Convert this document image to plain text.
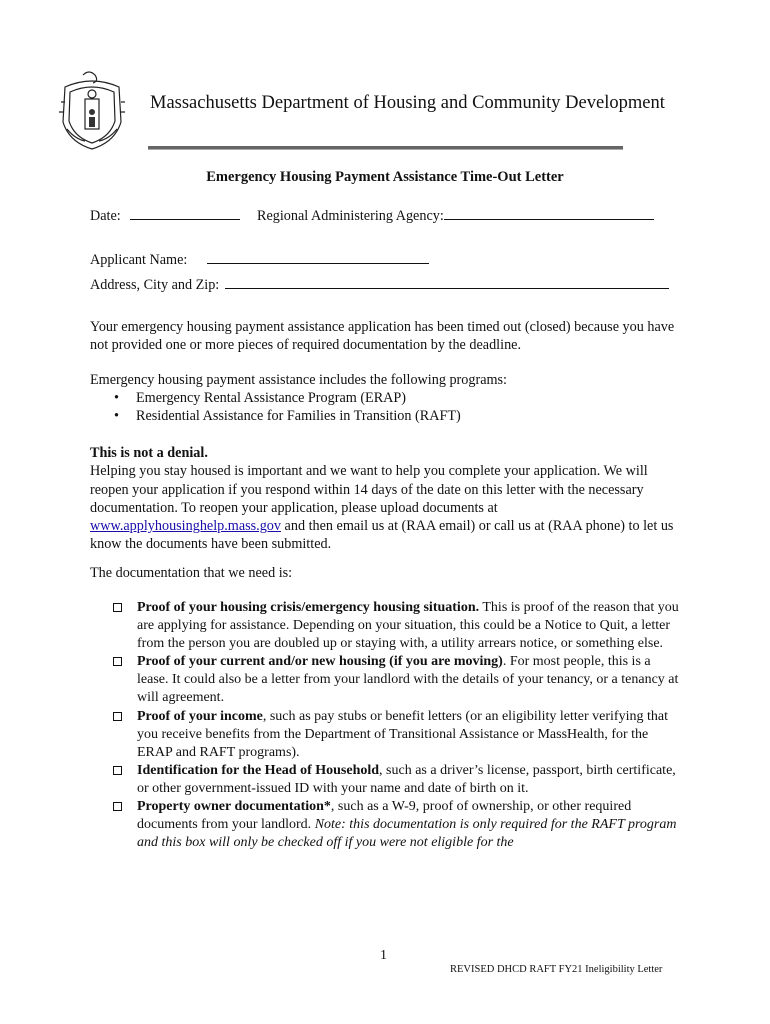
Massachusetts Department of Housing and Community Development
Emergency Housing Payment Assistance Time-Out Letter
Date:	Regional Administering Agency:
Applicant Name:
Address, City and Zip:

Your emergency housing payment assistance application has been timed out (closed) because you have not provided one or more pieces of required documentation by the deadline.

Emergency housing payment assistance includes the following programs:

• Emergency Rental Assistance Program (ERAP)
• Residential Assistance for Families in Transition (RAFT)

This is not a denial.

Helping you stay housed is important and we want to help you complete your application. We will reopen your application if you respond within 14 days of the date on this letter with the necessary documentation. To reopen your application, please upload documents at www.applyhousinghelp.mass.gov and then email us at (RAA email) or call us at (RAA phone) to let us know the documents have been submitted.

The documentation that we need is:

Proof of your housing crisis/emergency housing situation. This is proof of the reason that you are applying for assistance. Depending on your situation, this could be a Notice to Quit, a letter from the person you are doubled up or staying with, a utility arrears notice, or something else.
Proof of your current and/or new housing (if you are moving). For most people, this is a lease. It could also be a letter from your landlord with the details of your tenancy, or a tenancy at will agreement.
Proof of your income, such as pay stubs or benefit letters (or an eligibility letter verifying that you receive benefits from the Department of Transitional Assistance or MassHealth, for the ERAP and RAFT programs).
Identification for the Head of Household, such as a driver’s license, passport, birth certificate, or other government-issued ID with your name and date of birth on it.
Property owner documentation*, such as a W-9, proof of ownership, or other required documents from your landlord. Note: this documentation is only required for the RAFT program and this box will only be checked off if you were not eligible for the
1
REVISED DHCD RAFT FY21 Ineligibility Letter
